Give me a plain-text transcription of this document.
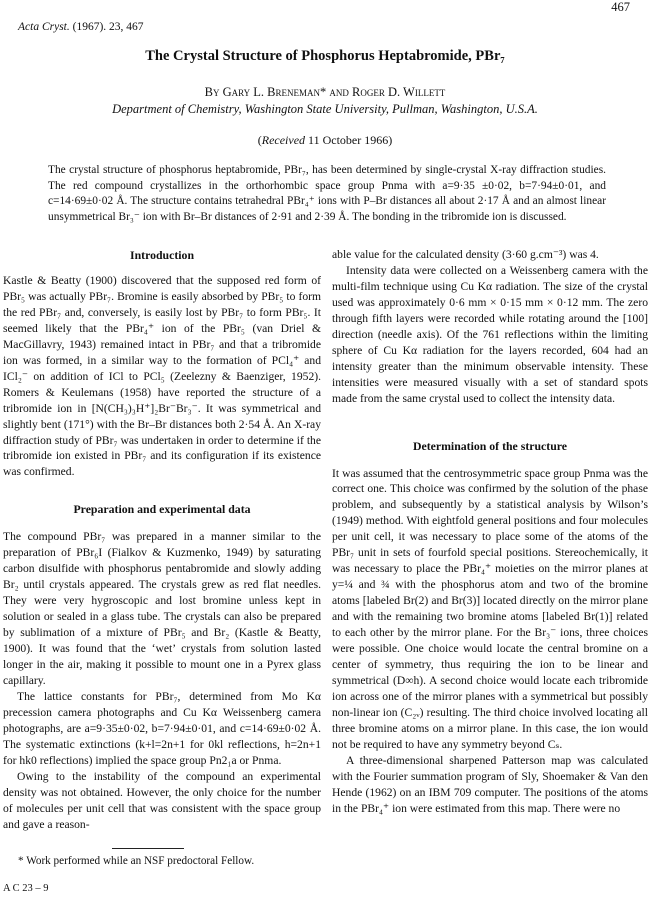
467
Acta Cryst. (1967). 23, 467
The Crystal Structure of Phosphorus Heptabromide, PBr₇
By Gary L. Breneman* and Roger D. Willett
Department of Chemistry, Washington State University, Pullman, Washington, U.S.A.
(Received 11 October 1966)
The crystal structure of phosphorus heptabromide, PBr₇, has been determined by single-crystal X-ray diffraction studies. The red compound crystallizes in the orthorhombic space group Pnma with a=9·35 ±0·02, b=7·94±0·01, and c=14·69±0·02 Å. The structure contains tetrahedral PBr₄⁺ ions with P–Br distances all about 2·17 Å and an almost linear unsymmetrical Br₃⁻ ion with Br–Br distances of 2·91 and 2·39 Å. The bonding in the tribromide ion is discussed.
Introduction

Kastle & Beatty (1900) discovered that the supposed red form of PBr₅ was actually PBr₇. Bromine is easily absorbed by PBr₅ to form the red PBr₇ and, conversely, is easily lost by PBr₇ to form PBr₅. It seemed likely that the PBr₄⁺ ion of the PBr₅ (van Driel & MacGillavry, 1943) remained intact in PBr₇ and that a tribromide ion was formed, in a similar way to the formation of PCl₄⁺ and ICl₂⁻ on addition of ICl to PCl₅ (Zeelezny & Baenziger, 1952). Romers & Keulemans (1958) have reported the structure of a tribromide ion in [N(CH₃)₃H⁺]₂Br⁻Br₃⁻. It was symmetrical and slightly bent (171°) with the Br–Br distances both 2·54 Å. An X-ray diffraction study of PBr₇ was undertaken in order to determine if the tribromide ion existed in PBr₇ and its configuration if its existence was confirmed.

Preparation and experimental data

The compound PBr₇ was prepared in a manner similar to the preparation of PBr₆I (Fialkov & Kuzmenko, 1949) by saturating carbon disulfide with phosphorus pentabromide and slowly adding Br₂ until crystals appeared. The crystals grew as red flat needles. They were very hygroscopic and lost bromine unless kept in solution or sealed in a glass tube. The crystals can also be prepared by sublimation of a mixture of PBr₅ and Br₂ (Kastle & Beatty, 1900). It was found that the ‘wet’ crystals from solution lasted longer in the air, making it possible to mount one in a Pyrex glass capillary.

The lattice constants for PBr₇, determined from Mo Kα precession camera photographs and Cu Kα Weissenberg camera photographs, are a=9·35±0·02, b=7·94±0·01, and c=14·69±0·02 Å. The systematic extinctions (k+l=2n+1 for 0kl reflections, h=2n+1 for hk0 reflections) implied the space group Pn2₁a or Pnma.

Owing to the instability of the compound an experimental density was not obtained. However, the only choice for the number of molecules per unit cell that was consistent with the space group and gave a reason-

able value for the calculated density (3·60 g.cm⁻³) was 4.

Intensity data were collected on a Weissenberg camera with the multi-film technique using Cu Kα radiation. The size of the crystal used was approximately 0·6 mm × 0·15 mm × 0·12 mm. The zero through fifth layers were recorded while rotating around the [100] direction (needle axis). Of the 761 reflections within the limiting sphere of Cu Kα radiation for the layers recorded, 604 had an intensity greater than the minimum observable intensity. These intensities were measured visually with a set of standard spots made from the same crystal used to collect the intensity data.

Determination of the structure

It was assumed that the centrosymmetric space group Pnma was the correct one. This choice was confirmed by the solution of the phase problem, and subsequently by a statistical analysis by Wilson’s (1949) method. With eightfold general positions and four molecules per unit cell, it was necessary to place some of the atoms of the PBr₇ unit in sets of fourfold special positions. Stereochemically, it was necessary to place the PBr₄⁺ moieties on the mirror planes at y=¼ and ¾ with the phosphorus atom and two of the bromine atoms [labeled Br(2) and Br(3)] located directly on the mirror plane and with the remaining two bromine atoms [labeled Br(1)] related to each other by the mirror plane. For the Br₃⁻ ions, three choices were possible. One choice would locate the central bromine on a center of symmetry, thus requiring the ion to be linear and symmetrical (D∞h). A second choice would locate each tribromide ion across one of the mirror planes with a symmetrical but possibly non-linear ion (C₂ᵥ) resulting. The third choice involved locating all three bromine atoms on a mirror plane. In this case, the ion would not be required to have any symmetry beyond Cₛ.

A three-dimensional sharpened Patterson map was calculated with the Fourier summation program of Sly, Shoemaker & Van den Hende (1962) on an IBM 709 computer. The positions of the atoms in the PBr₄⁺ ion were estimated from this map. There were no

* Work performed while an NSF predoctoral Fellow.
A C 23 – 9
